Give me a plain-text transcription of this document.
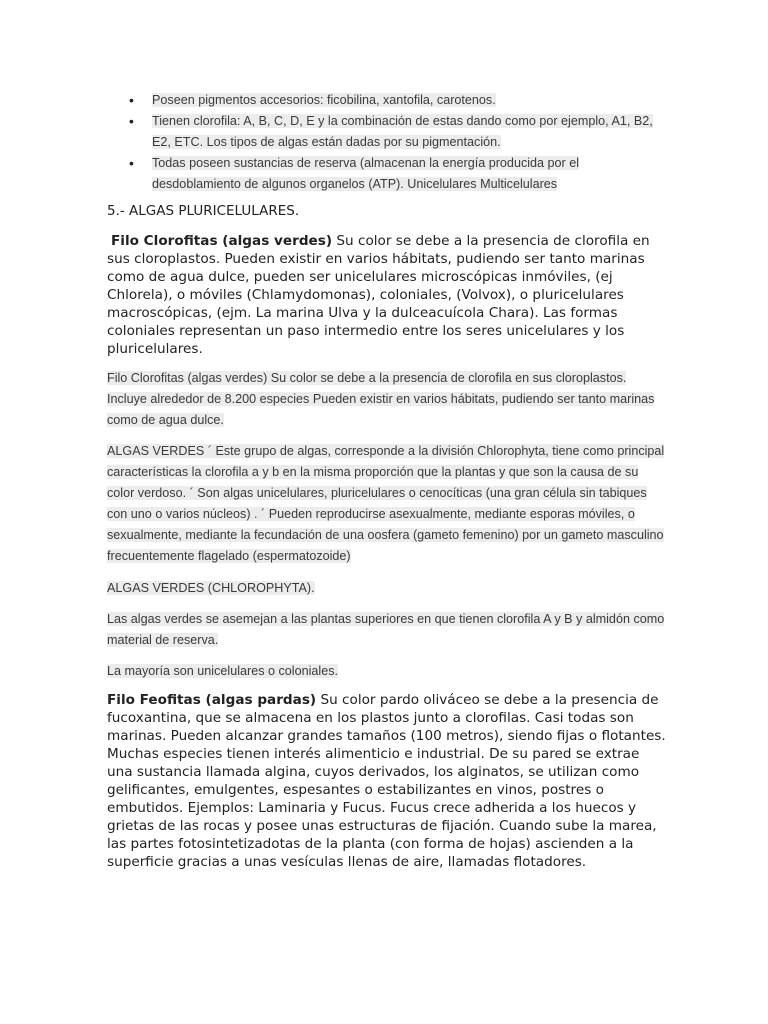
• Poseen pigmentos accesorios: ficobilina, xantofila, carotenos.
• Tienen clorofila: A, B, C, D, E y la combinación de estas dando como por ejemplo, A1, B2, E2, ETC. Los tipos de algas están dadas por su pigmentación.
• Todas poseen sustancias de reserva (almacenan la energía producida por el desdoblamiento de algunos organelos (ATP). Unicelulares Multicelulares

5.- ALGAS PLURICELULARES.

Filo Clorofitas (algas verdes) Su color se debe a la presencia de clorofila en sus cloroplastos. Pueden existir en varios hábitats, pudiendo ser tanto marinas como de agua dulce, pueden ser unicelulares microscópicas inmóviles, (ej Chlorela), o móviles (Chlamydomonas), coloniales, (Volvox), o pluricelulares macroscópicas, (ejm. La marina Ulva y la dulceacuícola Chara). Las formas coloniales representan un paso intermedio entre los seres unicelulares y los pluricelulares.

Filo Clorofitas (algas verdes) Su color se debe a la presencia de clorofila en sus cloroplastos. Incluye alrededor de 8.200 especies Pueden existir en varios hábitats, pudiendo ser tanto marinas como de agua dulce.

ALGAS VERDES ´ Este grupo de algas, corresponde a la división Chlorophyta, tiene como principal características la clorofila a y b en la misma proporción que la plantas y que son la causa de su color verdoso. ´ Son algas unicelulares, pluricelulares o cenocíticas (una gran célula sin tabiques con uno o varios núcleos) . ´ Pueden reproducirse asexualmente, mediante esporas móviles, o sexualmente, mediante la fecundación de una oosfera (gameto femenino) por un gameto masculino frecuentemente flagelado (espermatozoide)

ALGAS VERDES (CHLOROPHYTA).

Las algas verdes se asemejan a las plantas superiores en que tienen clorofila A y B y almidón como material de reserva.

La mayoría son unicelulares o coloniales.

Filo Feofitas (algas pardas) Su color pardo oliváceo se debe a la presencia de fucoxantina, que se almacena en los plastos junto a clorofilas. Casi todas son marinas. Pueden alcanzar grandes tamaños (100 metros), siendo fijas o flotantes. Muchas especies tienen interés alimenticio e industrial. De su pared se extrae una sustancia llamada algina, cuyos derivados, los alginatos, se utilizan como gelificantes, emulgentes, espesantes o estabilizantes en vinos, postres o embutidos. Ejemplos: Laminaria y Fucus. Fucus crece adherida a los huecos y grietas de las rocas y posee unas estructuras de fijación. Cuando sube la marea, las partes fotosintetizadotas de la planta (con forma de hojas) ascienden a la superficie gracias a unas vesículas llenas de aire, llamadas flotadores.
